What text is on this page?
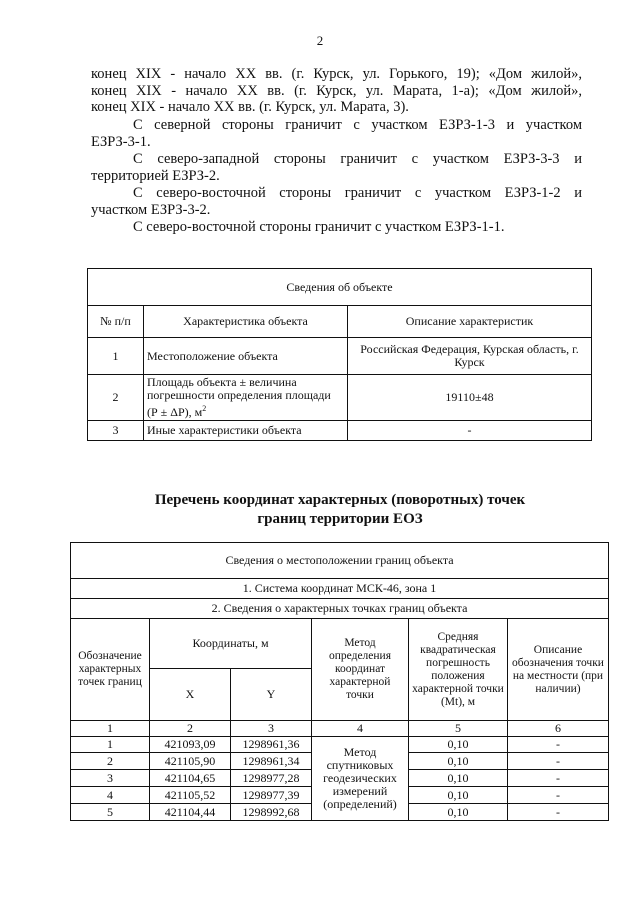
2
конец XIX - начало XX вв. (г. Курск, ул. Горького, 19); «Дом жилой»,
конец XIX - начало XX вв. (г. Курск, ул. Марата, 1-а); «Дом жилой»,
конец XIX - начало XX вв. (г. Курск, ул. Марата, 3).
С северной стороны граничит с участком ЕЗРЗ-1-3 и участком
ЕЗРЗ-3-1.
С северо-западной стороны граничит с участком ЕЗРЗ-3-3 и
территорией ЕЗРЗ-2.
С северо-восточной стороны граничит с участком ЕЗРЗ-1-2 и
участком ЕЗРЗ-3-2.
С северо-восточной стороны граничит с участком ЕЗРЗ-1-1.
Сведения об объекте		
№ п/п	Характеристика объекта	Описание характеристик
1	Местоположение объекта	Российская Федерация, Курская область, г. Курск
2	Площадь объекта ± величина погрешности определения площади (Р ± ΔР), $м^2$	19110±48
3	Иные характеристики объекта	-
Перечень координат характерных (поворотных) точек
границ территории ЕОЗ
Сведения о местоположении границ объекта					
1. Система координат МСК-46, зона 1					
2. Сведения о характерных точках границ объекта					
Обозначение характерных точек границ	Координаты, м		Метод определения координат характерной точки	Средняя квадратическая погрешность положения характерной точки (Mt), м	Описание обозначения точки на местности (при наличии)
	X	Y			
1	2	3	4	5	6
1	421093,09	1298961,36	Метод спутниковых геодезических измерений (определений)	0,10	-
2	421105,90	1298961,34		0,10	-
3	421104,65	1298977,28		0,10	-
4	421105,52	1298977,39		0,10	-
5	421104,44	1298992,68		0,10	-
